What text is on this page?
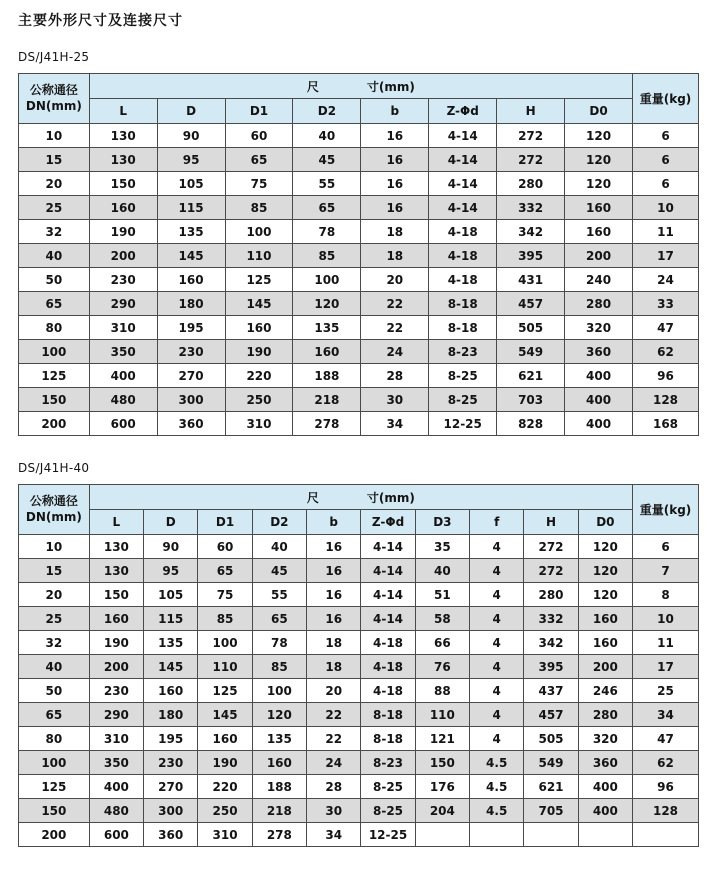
主要外形尺寸及连接尺寸
DS/J41H-25
公称通径
DN(mm)	尺　　　　寸(mm)								重量(kg)
	L	D	D1	D2	b	Z-Φd	H	D0	
10	130	90	60	40	16	4-14	272	120	6
15	130	95	65	45	16	4-14	272	120	6
20	150	105	75	55	16	4-14	280	120	6
25	160	115	85	65	16	4-14	332	160	10
32	190	135	100	78	18	4-18	342	160	11
40	200	145	110	85	18	4-18	395	200	17
50	230	160	125	100	20	4-18	431	240	24
65	290	180	145	120	22	8-18	457	280	33
80	310	195	160	135	22	8-18	505	320	47
100	350	230	190	160	24	8-23	549	360	62
125	400	270	220	188	28	8-25	621	400	96
150	480	300	250	218	30	8-25	703	400	128
200	600	360	310	278	34	12-25	828	400	168
DS/J41H-40
公称通径
DN(mm)	尺　　　　寸(mm)										重量(kg)
	L	D	D1	D2	b	Z-Φd	D3	f	H	D0	
10	130	90	60	40	16	4-14	35	4	272	120	6
15	130	95	65	45	16	4-14	40	4	272	120	7
20	150	105	75	55	16	4-14	51	4	280	120	8
25	160	115	85	65	16	4-14	58	4	332	160	10
32	190	135	100	78	18	4-18	66	4	342	160	11
40	200	145	110	85	18	4-18	76	4	395	200	17
50	230	160	125	100	20	4-18	88	4	437	246	25
65	290	180	145	120	22	8-18	110	4	457	280	34
80	310	195	160	135	22	8-18	121	4	505	320	47
100	350	230	190	160	24	8-23	150	4.5	549	360	62
125	400	270	220	188	28	8-25	176	4.5	621	400	96
150	480	300	250	218	30	8-25	204	4.5	705	400	128
200	600	360	310	278	34	12-25					
